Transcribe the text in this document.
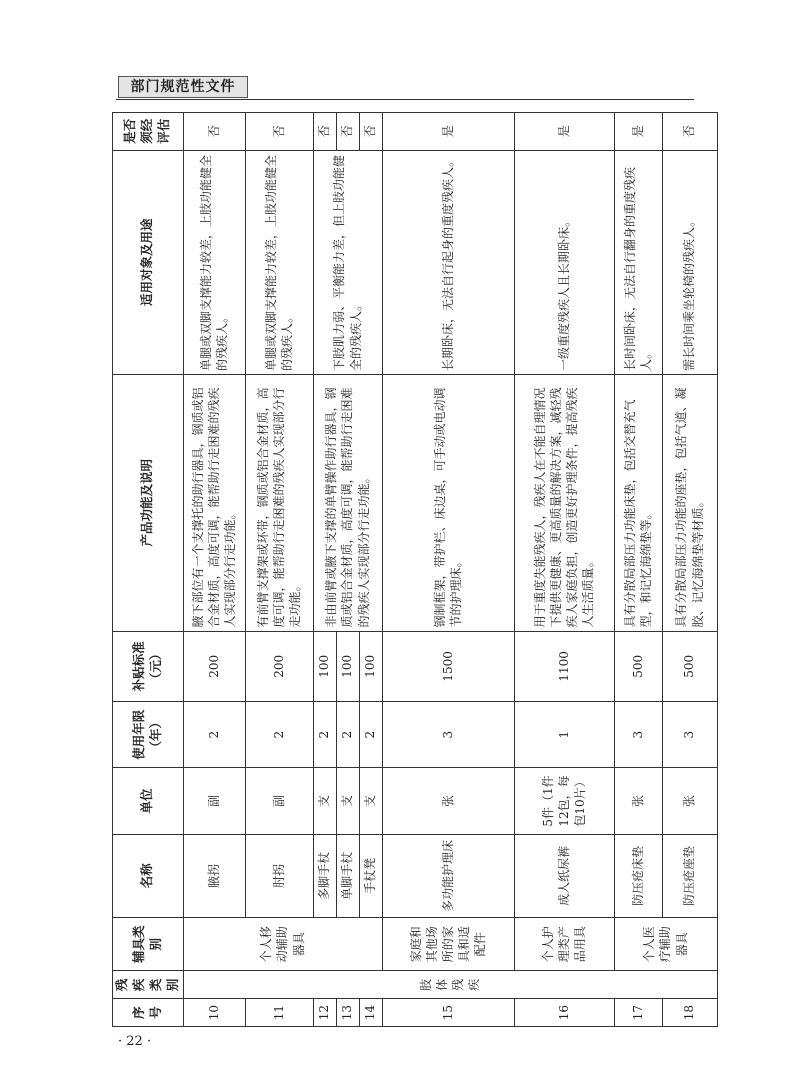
部门规范性文件
序号	残疾类别	辅具类别	名称	单位	使用年限（年）	补贴标准（元）	产品功能及说明	适用对象及用途	是否须经评估
10	肢体残疾	个人移动辅助器具	腋拐	副	2	200	腋下部位有一个支撑托的助行器具，钢质或铝合金材质，高度可调，能帮助行走困难的残疾人实现部分行走功能。	单腿或双脚支撑能力较差，上肢功能健全的残疾人。	否
11			肘拐	副	2	200	有前臂支撑架或环带，钢质或铝合金材质，高度可调，能帮助行走困难的残疾人实现部分行走功能。	单腿或双脚支撑能力较差，上肢功能健全的残疾人。	否
12			多脚手杖	支	2	100	非由前臂或腋下支撑的单臂操作助行器具，钢质或铝合金材质，高度可调，能帮助行走困难的残疾人实现部分行走功能。	下肢肌力弱、平衡能力差，但上肢功能健全的残疾人。	否
13			单脚手杖	支	2	100			否
14			手杖凳	支	2	100			否
15		家庭和其他场所的家具和适配件	多功能护理床	张	3	1500	钢制框架，带护栏、床边桌，可手动或电动调节的护理床。	长期卧床，无法自行起身的重度残疾人。	是
16		个人护理类产品用具	成人纸尿裤	5件（1件12包，每包10片）	1	1100	用于重度失能残疾人，残疾人在不能自理情况下提供更健康、更高质量的解决方案，减轻残疾人家庭负担，创造更好护理条件，提高残疾人生活质量。	一级重度残疾人且长期卧床。	是
17		个人医疗辅助器具	防压疮床垫	张	3	500	具有分散局部压力功能床垫，包括交替充气型，和记忆海绵垫等。	长时间卧床，无法自行翻身的重度残疾人。	是
18			防压疮座垫	张	3	500	具有分散局部压力功能的座垫，包括气道、凝胶、记忆海绵垫等材质。	需长时间乘坐轮椅的残疾人。	否
· 22 ·
